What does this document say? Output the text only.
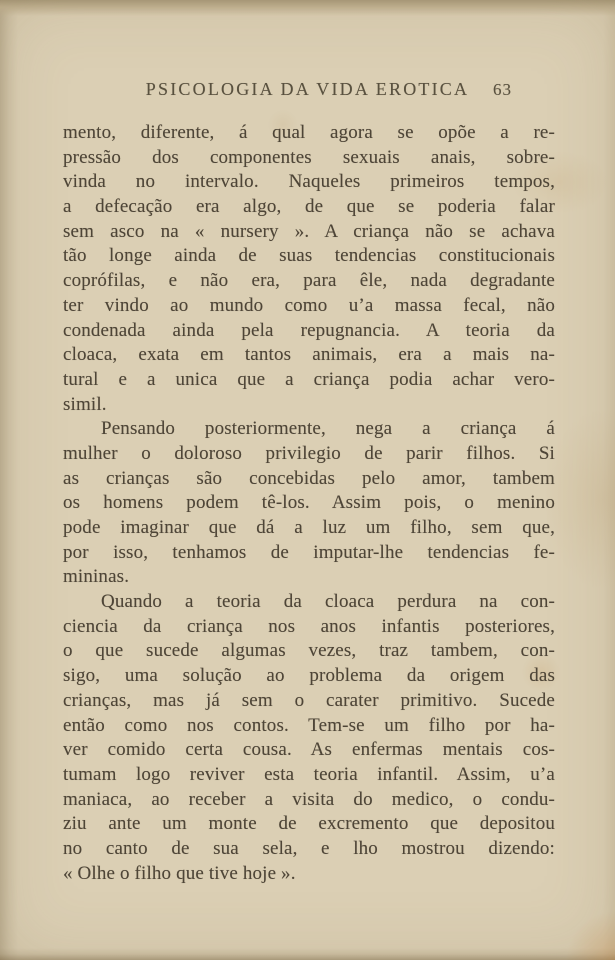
PSICOLOGIA DA VIDA EROTICA 63
mento, diferente, á qual agora se opõe a re-
pressão dos componentes sexuais anais, sobre-
vinda no intervalo. Naqueles primeiros tempos,
a defecação era algo, de que se poderia falar
sem asco na « nursery ». A criança não se achava
tão longe ainda de suas tendencias constitucionais
coprófilas, e não era, para êle, nada degradante
ter vindo ao mundo como u’a massa fecal, não
condenada ainda pela repugnancia. A teoria da
cloaca, exata em tantos animais, era a mais na-
tural e a unica que a criança podia achar vero-
simil.
Pensando posteriormente, nega a criança á
mulher o doloroso privilegio de parir filhos. Si
as crianças são concebidas pelo amor, tambem
os homens podem tê-los. Assim pois, o menino
pode imaginar que dá a luz um filho, sem que,
por isso, tenhamos de imputar-lhe tendencias fe-
mininas.
Quando a teoria da cloaca perdura na con-
ciencia da criança nos anos infantis posteriores,
o que sucede algumas vezes, traz tambem, con-
sigo, uma solução ao problema da origem das
crianças, mas já sem o carater primitivo. Sucede
então como nos contos. Tem-se um filho por ha-
ver comido certa cousa. As enfermas mentais cos-
tumam logo reviver esta teoria infantil. Assim, u’a
maniaca, ao receber a visita do medico, o condu-
ziu ante um monte de excremento que depositou
no canto de sua sela, e lho mostrou dizendo:
« Olhe o filho que tive hoje ».
